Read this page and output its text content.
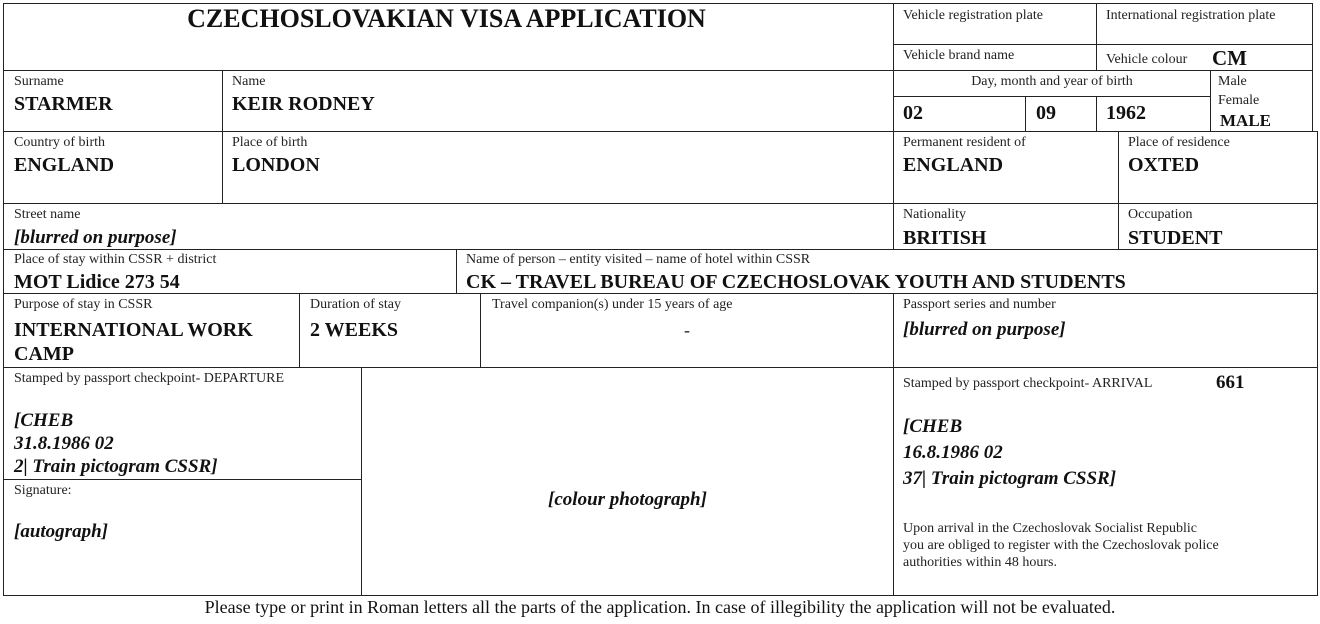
CZECHOSLOVAKIAN VISA APPLICATION	Vehicle registration plate	International registration plate
Vehicle brand name	Vehicle colour CM
Surname
STARMER
Name
KEIR RODNEY
Day, month and year of birth
02	09	1962
Male
Female
MALE
Country of birth
ENGLAND
Place of birth
LONDON
Permanent resident of
ENGLAND
Place of residence
OXTED
Street name
[blurred on purpose]
Nationality
BRITISH
Occupation
STUDENT
Place of stay within CSSR + district
MOT Lidice 273 54
Name of person – entity visited – name of hotel within CSSR
CK – TRAVEL BUREAU OF CZECHOSLOVAK YOUTH AND STUDENTS
Purpose of stay in CSSR
INTERNATIONAL WORK
CAMP
Duration of stay
2 WEEKS
Travel companion(s) under 15 years of age
-
Passport series and number
[blurred on purpose]
Stamped by passport checkpoint- DEPARTURE
[CHEB
31.8.1986 02
2| Train pictogram CSSR]
Signature:
[autograph]
[colour photograph]
Stamped by passport checkpoint- ARRIVAL	661
[CHEB
16.8.1986 02
37| Train pictogram CSSR]
Upon arrival in the Czechoslovak Socialist Republic
you are obliged to register with the Czechoslovak police
authorities within 48 hours.
Please type or print in Roman letters all the parts of the application. In case of illegibility the application will not be evaluated.
